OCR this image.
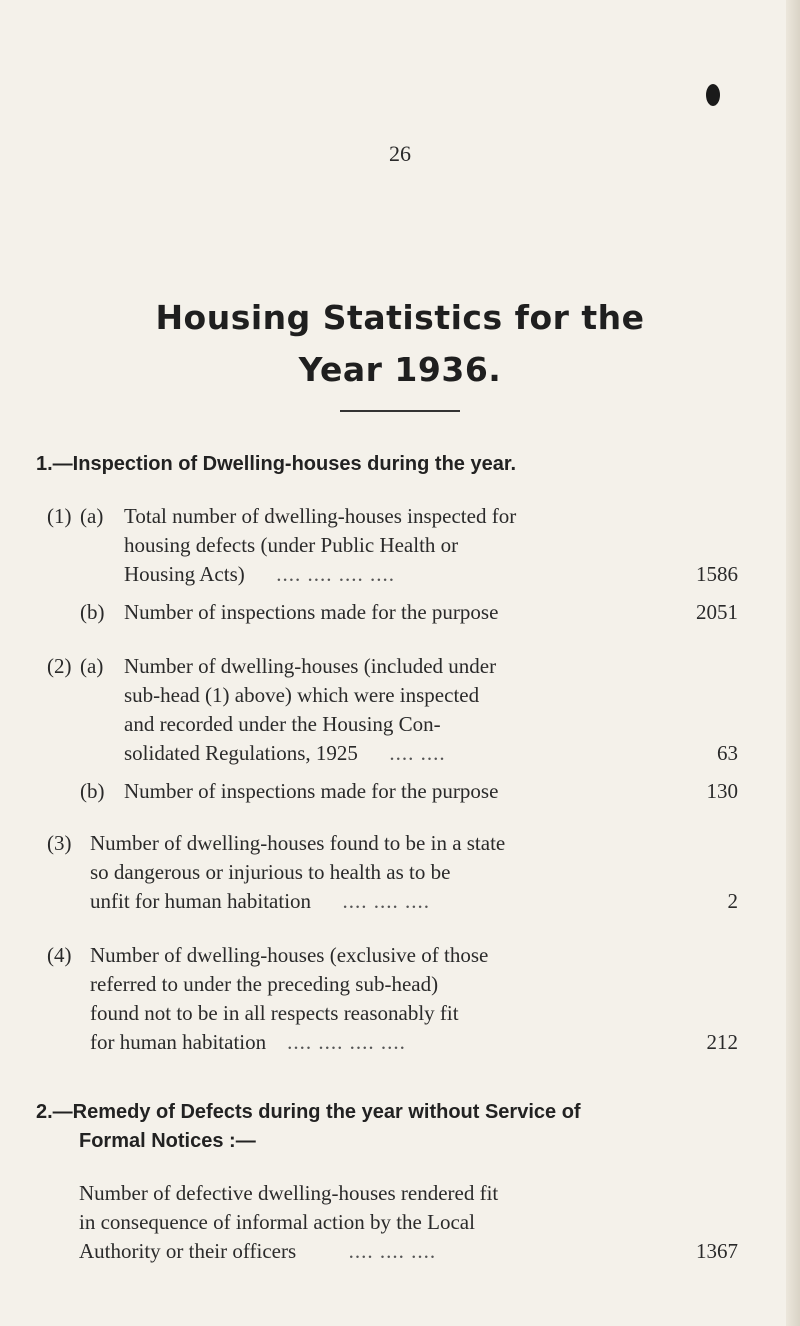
26
Housing Statistics for the
Year 1936.
1.—Inspection of Dwelling-houses during the year.
(1) (a) Total number of dwelling-houses inspected for
housing defects (under Public Health or
Housing Acts) .... .... .... ....	1586
(b) Number of inspections made for the purpose	2051
(2) (a) Number of dwelling-houses (included under
sub-head (1) above) which were inspected
and recorded under the Housing Con-
solidated Regulations, 1925 .... ....	63
(b) Number of inspections made for the purpose	130
(3) Number of dwelling-houses found to be in a state
so dangerous or injurious to health as to be
unfit for human habitation .... .... ....	2
(4) Number of dwelling-houses (exclusive of those
referred to under the preceding sub-head)
found not to be in all respects reasonably fit
for human habitation .... .... .... ....	212
2.—Remedy of Defects during the year without Service of
Formal Notices :—
Number of defective dwelling-houses rendered fit
in consequence of informal action by the Local
Authority or their officers	.... .... ....	1367
